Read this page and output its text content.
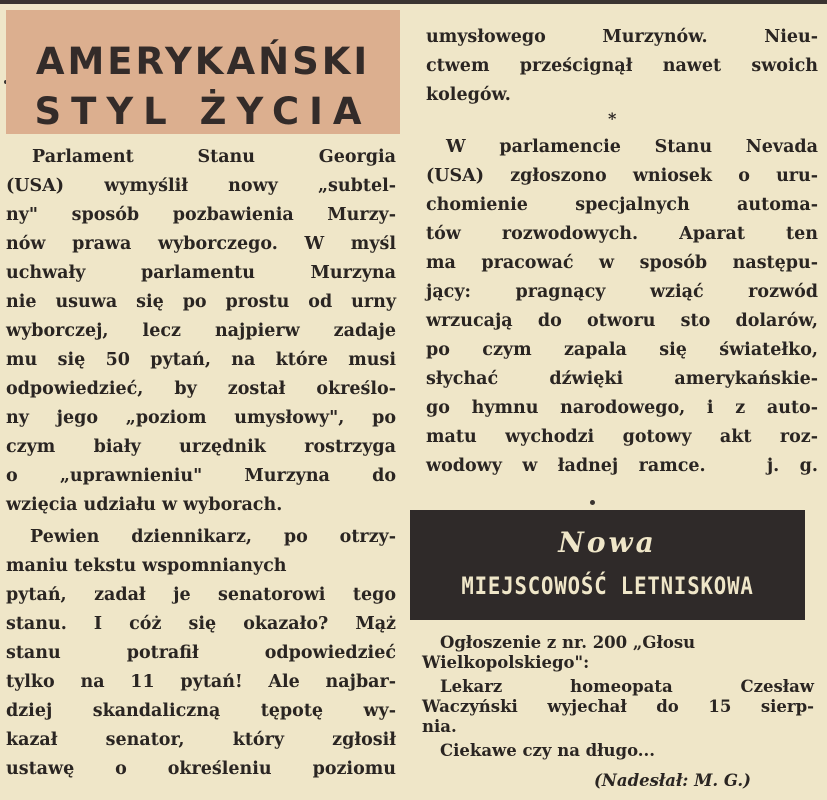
AMERYKAŃSKI
STYL ŻYCIA
Parlament Stanu Georgia
(USA) wymyślił nowy „subtel-
ny" sposób pozbawienia Murzy-
nów prawa wyborczego. W myśl
uchwały parlamentu Murzyna
nie usuwa się po prostu od urny
wyborczej, lecz najpierw zadaje
mu się 50 pytań, na które musi
odpowiedzieć, by został określo-
ny jego „poziom umysłowy", po
czym biały urzędnik rostrzyga
o „uprawnieniu" Murzyna do
wzięcia udziału w wyborach.
Pewien dziennikarz, po otrzy-
maniu tekstu wspomnianych
pytań, zadał je senatorowi tego
stanu. I cóż się okazało? Mąż
stanu potrafił odpowiedzieć
tylko na 11 pytań! Ale najbar-
dziej skandaliczną tępotę wy-
kazał senator, który zgłosił
ustawę o określeniu poziomu
umysłowego Murzynów. Nieu-
ctwem prześcignął nawet swoich
kolegów.
*
W parlamencie Stanu Nevada
(USA) zgłoszono wniosek o uru-
chomienie specjalnych automa-
tów rozwodowych. Aparat ten
ma pracować w sposób następu-
jący: pragnący wziąć rozwód
wrzucają do otworu sto dolarów,
po czym zapala się światełko,
słychać dźwięki amerykańskie-
go hymnu narodowego, i z auto-
matu wychodzi gotowy akt roz-
wodowy w ładnej ramce.   j. g.
Nowa
MIEJSCOWOŚĆ LETNISKOWA
Ogłoszenie z nr. 200 „Głosu
Wielkopolskiego":
Lekarz homeopata Czesław
Waczyński wyjechał do 15 sierp-
nia.
Ciekawe czy na długo...
(Nadesłał: M. G.)
